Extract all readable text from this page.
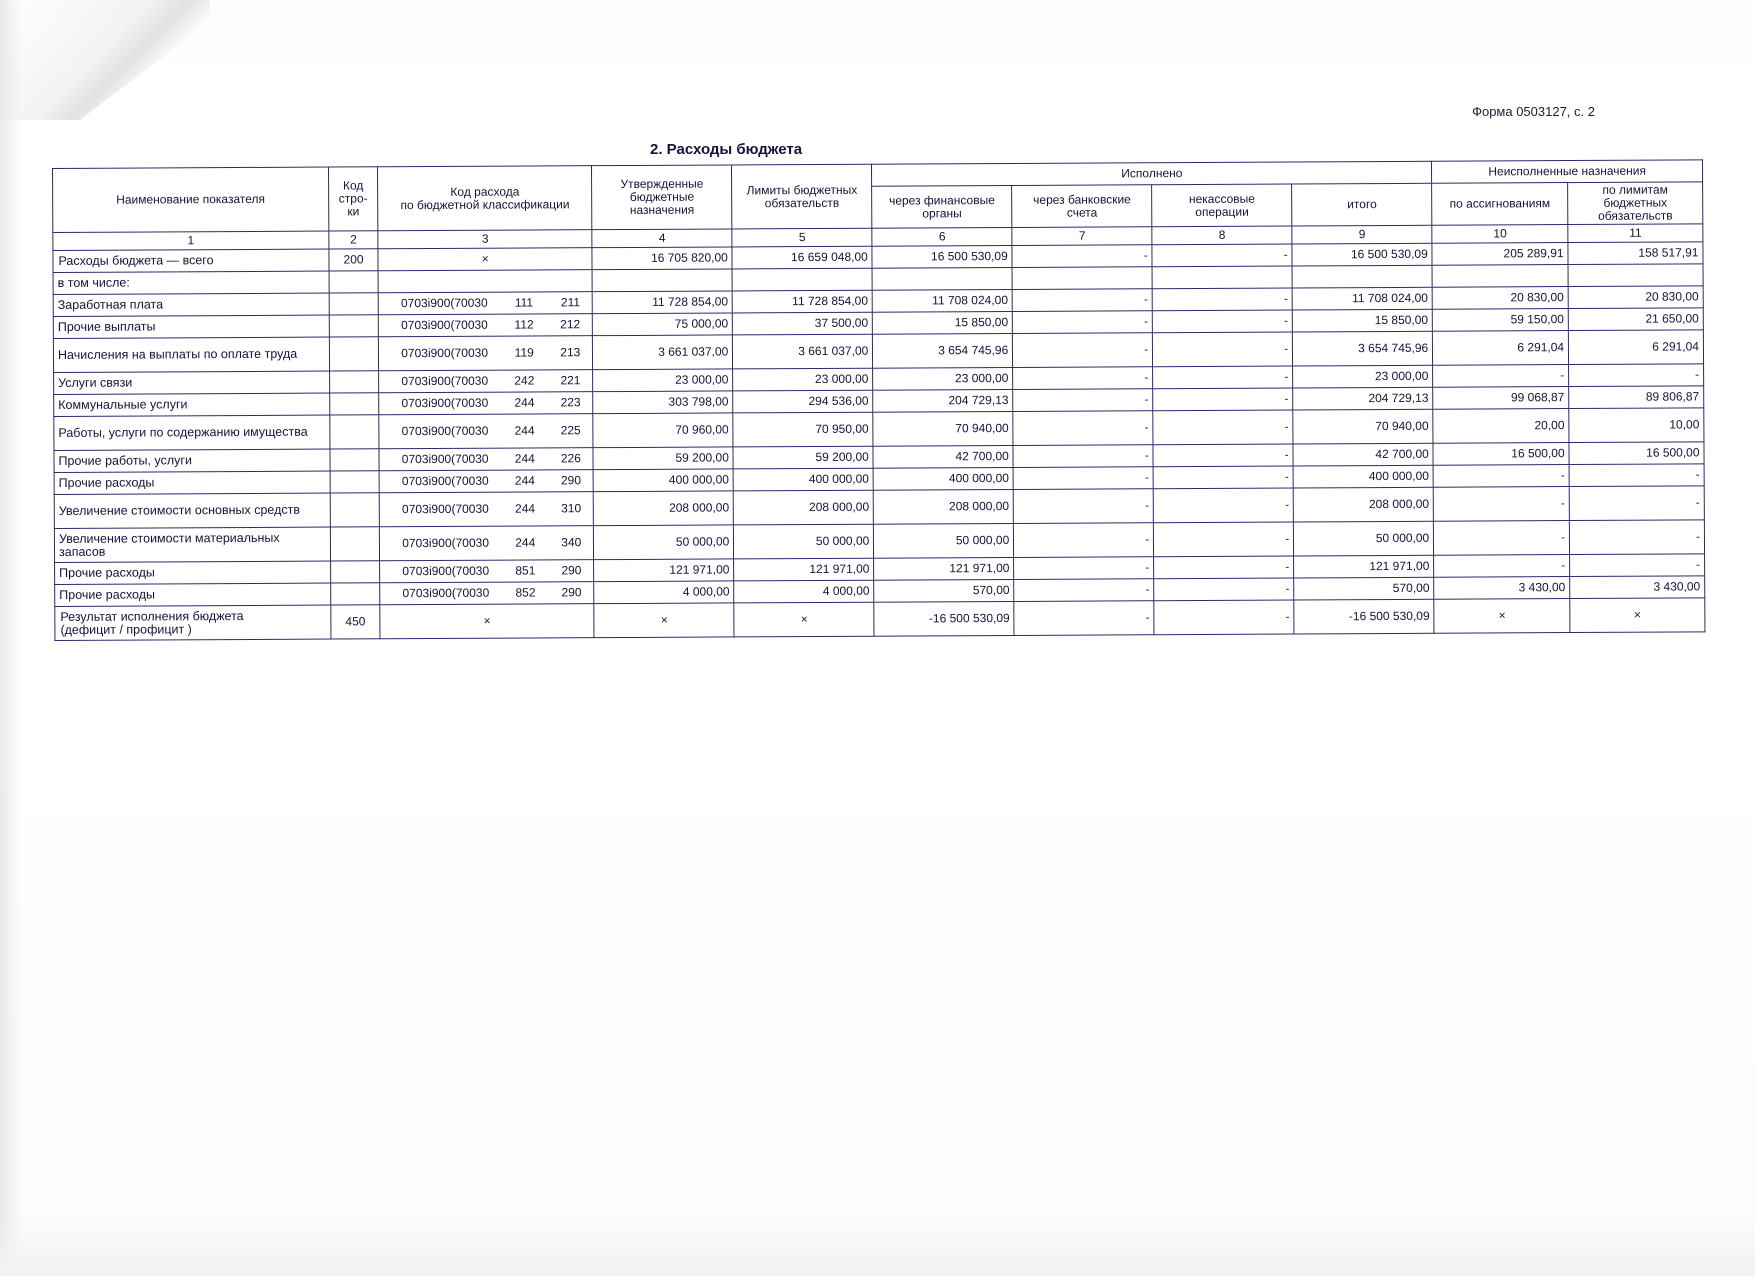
Форма 0503127, с. 2
2. Расходы бюджета
Наименование показателя	Код
стро-
ки	Код расхода
по бюджетной классификации	Утвержденные
бюджетные
назначения	Лимиты бюджетных
обязательств	Исполнено				Неисполненные назначения	
					через финансовые
органы	через банковские
счета	некассовые
операции	итого	по ассигнованиям	по лимитам
бюджетных
обязательств

1	2	3	4	5	6	7	8	9	10	11
Расходы бюджета — всего	200	×	16 705 820,00	16 659 048,00	16 500 530,09	-	-	16 500 530,09	205 289,91	158 517,91
в том числе:										
Заработная плата		0703і900(70030 111 211	11 728 854,00	11 728 854,00	11 708 024,00	-	-	11 708 024,00	20 830,00	20 830,00
Прочие выплаты		0703і900(70030 112 212	75 000,00	37 500,00	15 850,00	-	-	15 850,00	59 150,00	21 650,00
Начисления на выплаты по оплате труда		0703і900(70030 119 213	3 661 037,00	3 661 037,00	3 654 745,96	-	-	3 654 745,96	6 291,04	6 291,04
Услуги связи		0703і900(70030 242 221	23 000,00	23 000,00	23 000,00	-	-	23 000,00	-	-
Коммунальные услуги		0703і900(70030 244 223	303 798,00	294 536,00	204 729,13	-	-	204 729,13	99 068,87	89 806,87
Работы, услуги по содержанию имущества		0703і900(70030 244 225	70 960,00	70 950,00	70 940,00	-	-	70 940,00	20,00	10,00
Прочие работы, услуги		0703і900(70030 244 226	59 200,00	59 200,00	42 700,00	-	-	42 700,00	16 500,00	16 500,00
Прочие расходы		0703і900(70030 244 290	400 000,00	400 000,00	400 000,00	-	-	400 000,00	-	-
Увеличение стоимости основных средств		0703і900(70030 244 310	208 000,00	208 000,00	208 000,00	-	-	208 000,00	-	-
Увеличение стоимости материальных запасов		0703і900(70030 244 340	50 000,00	50 000,00	50 000,00	-	-	50 000,00	-	-
Прочие расходы		0703і900(70030 851 290	121 971,00	121 971,00	121 971,00	-	-	121 971,00	-	-
Прочие расходы		0703і900(70030 852 290	4 000,00	4 000,00	570,00	-	-	570,00	3 430,00	3 430,00
Результат исполнения бюджета
(дефицит / профицит )	450	×	×	×	-16 500 530,09	-	-	-16 500 530,09	×	×
